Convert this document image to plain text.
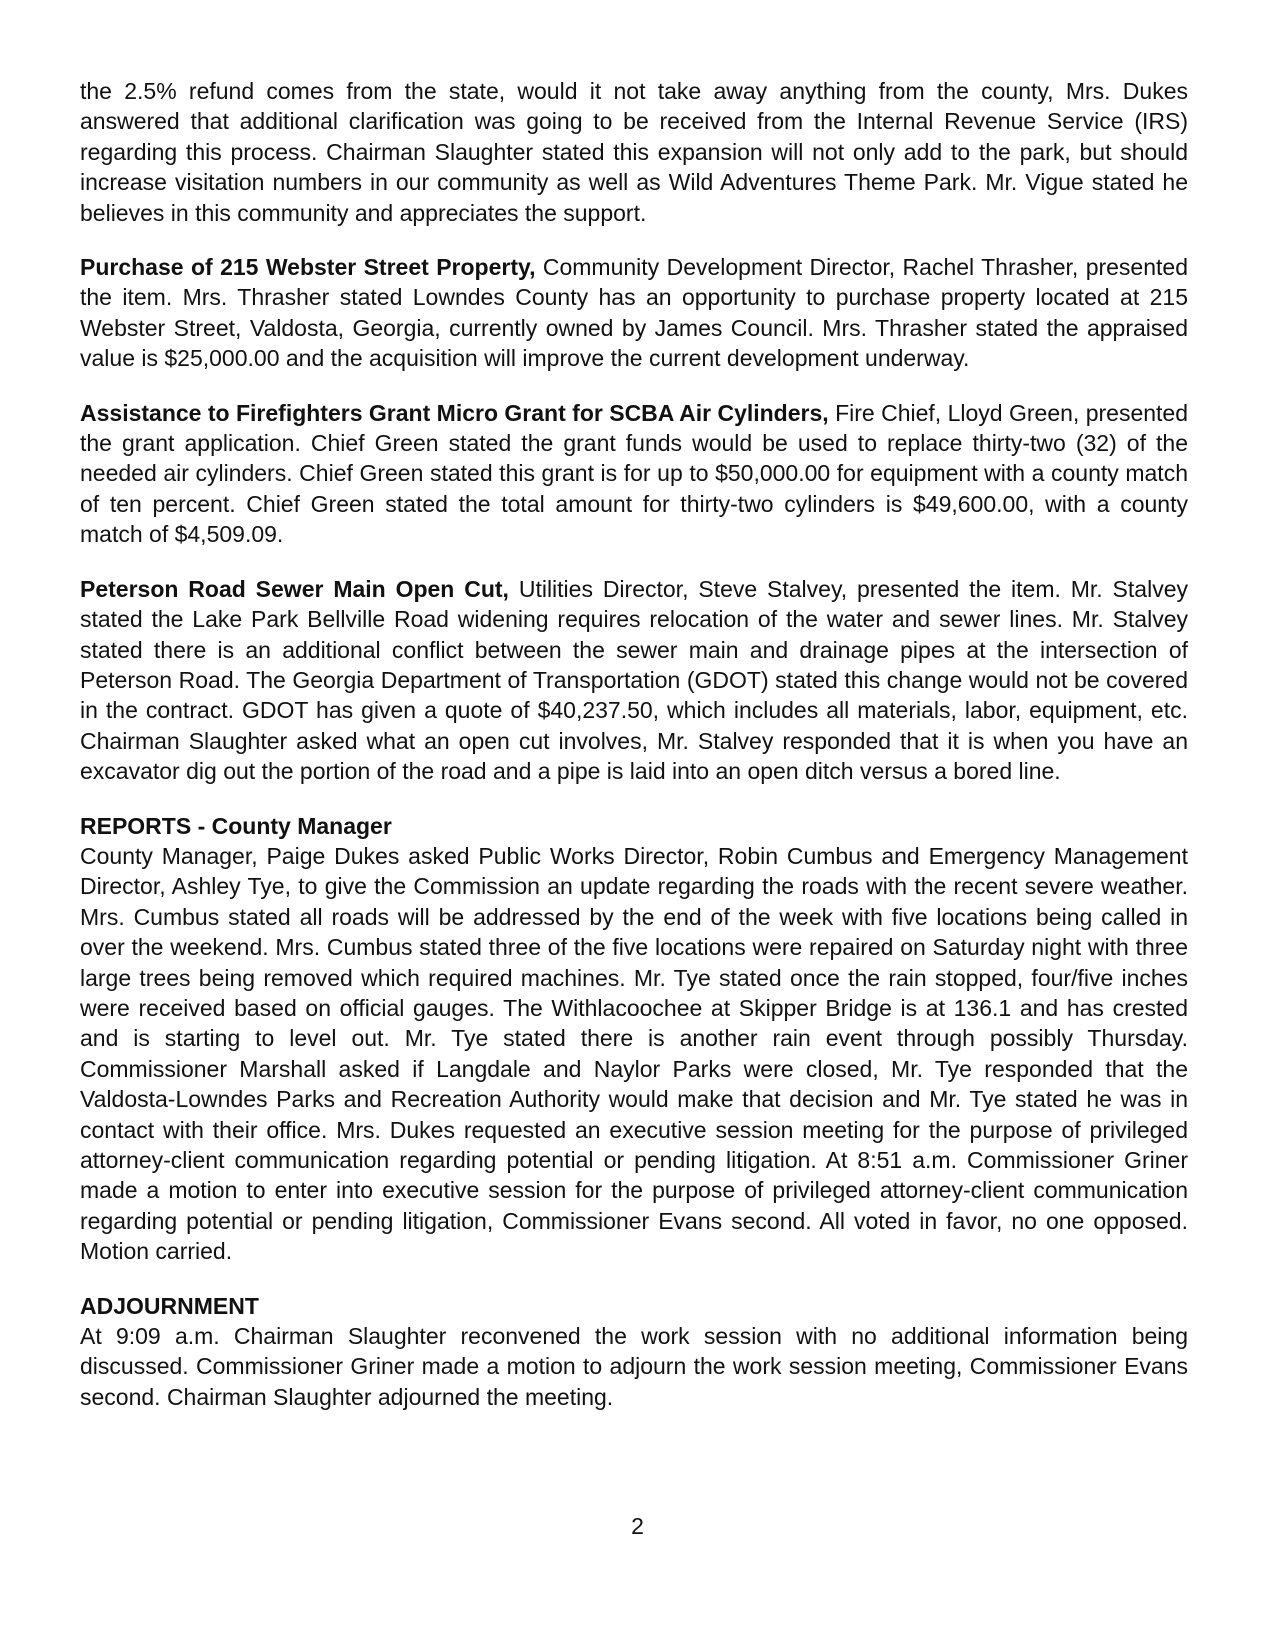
the 2.5% refund comes from the state, would it not take away anything from the county, Mrs. Dukes answered that additional clarification was going to be received from the Internal Revenue Service (IRS) regarding this process. Chairman Slaughter stated this expansion will not only add to the park, but should increase visitation numbers in our community as well as Wild Adventures Theme Park. Mr. Vigue stated he believes in this community and appreciates the support.

Purchase of 215 Webster Street Property, Community Development Director, Rachel Thrasher, presented the item. Mrs. Thrasher stated Lowndes County has an opportunity to purchase property located at 215 Webster Street, Valdosta, Georgia, currently owned by James Council. Mrs. Thrasher stated the appraised value is $25,000.00 and the acquisition will improve the current development underway.

Assistance to Firefighters Grant Micro Grant for SCBA Air Cylinders, Fire Chief, Lloyd Green, presented the grant application. Chief Green stated the grant funds would be used to replace thirty-two (32) of the needed air cylinders. Chief Green stated this grant is for up to $50,000.00 for equipment with a county match of ten percent. Chief Green stated the total amount for thirty-two cylinders is $49,600.00, with a county match of $4,509.09.

Peterson Road Sewer Main Open Cut, Utilities Director, Steve Stalvey, presented the item. Mr. Stalvey stated the Lake Park Bellville Road widening requires relocation of the water and sewer lines. Mr. Stalvey stated there is an additional conflict between the sewer main and drainage pipes at the intersection of Peterson Road. The Georgia Department of Transportation (GDOT) stated this change would not be covered in the contract. GDOT has given a quote of $40,237.50, which includes all materials, labor, equipment, etc. Chairman Slaughter asked what an open cut involves, Mr. Stalvey responded that it is when you have an excavator dig out the portion of the road and a pipe is laid into an open ditch versus a bored line.

REPORTS - County Manager

County Manager, Paige Dukes asked Public Works Director, Robin Cumbus and Emergency Management Director, Ashley Tye, to give the Commission an update regarding the roads with the recent severe weather. Mrs. Cumbus stated all roads will be addressed by the end of the week with five locations being called in over the weekend. Mrs. Cumbus stated three of the five locations were repaired on Saturday night with three large trees being removed which required machines. Mr. Tye stated once the rain stopped, four/five inches were received based on official gauges. The Withlacoochee at Skipper Bridge is at 136.1 and has crested and is starting to level out. Mr. Tye stated there is another rain event through possibly Thursday. Commissioner Marshall asked if Langdale and Naylor Parks were closed, Mr. Tye responded that the Valdosta-Lowndes Parks and Recreation Authority would make that decision and Mr. Tye stated he was in contact with their office. Mrs. Dukes requested an executive session meeting for the purpose of privileged attorney-client communication regarding potential or pending litigation. At 8:51 a.m. Commissioner Griner made a motion to enter into executive session for the purpose of privileged attorney-client communication regarding potential or pending litigation, Commissioner Evans second. All voted in favor, no one opposed. Motion carried.

ADJOURNMENT

At 9:09 a.m. Chairman Slaughter reconvened the work session with no additional information being discussed. Commissioner Griner made a motion to adjourn the work session meeting, Commissioner Evans second. Chairman Slaughter adjourned the meeting.

2
